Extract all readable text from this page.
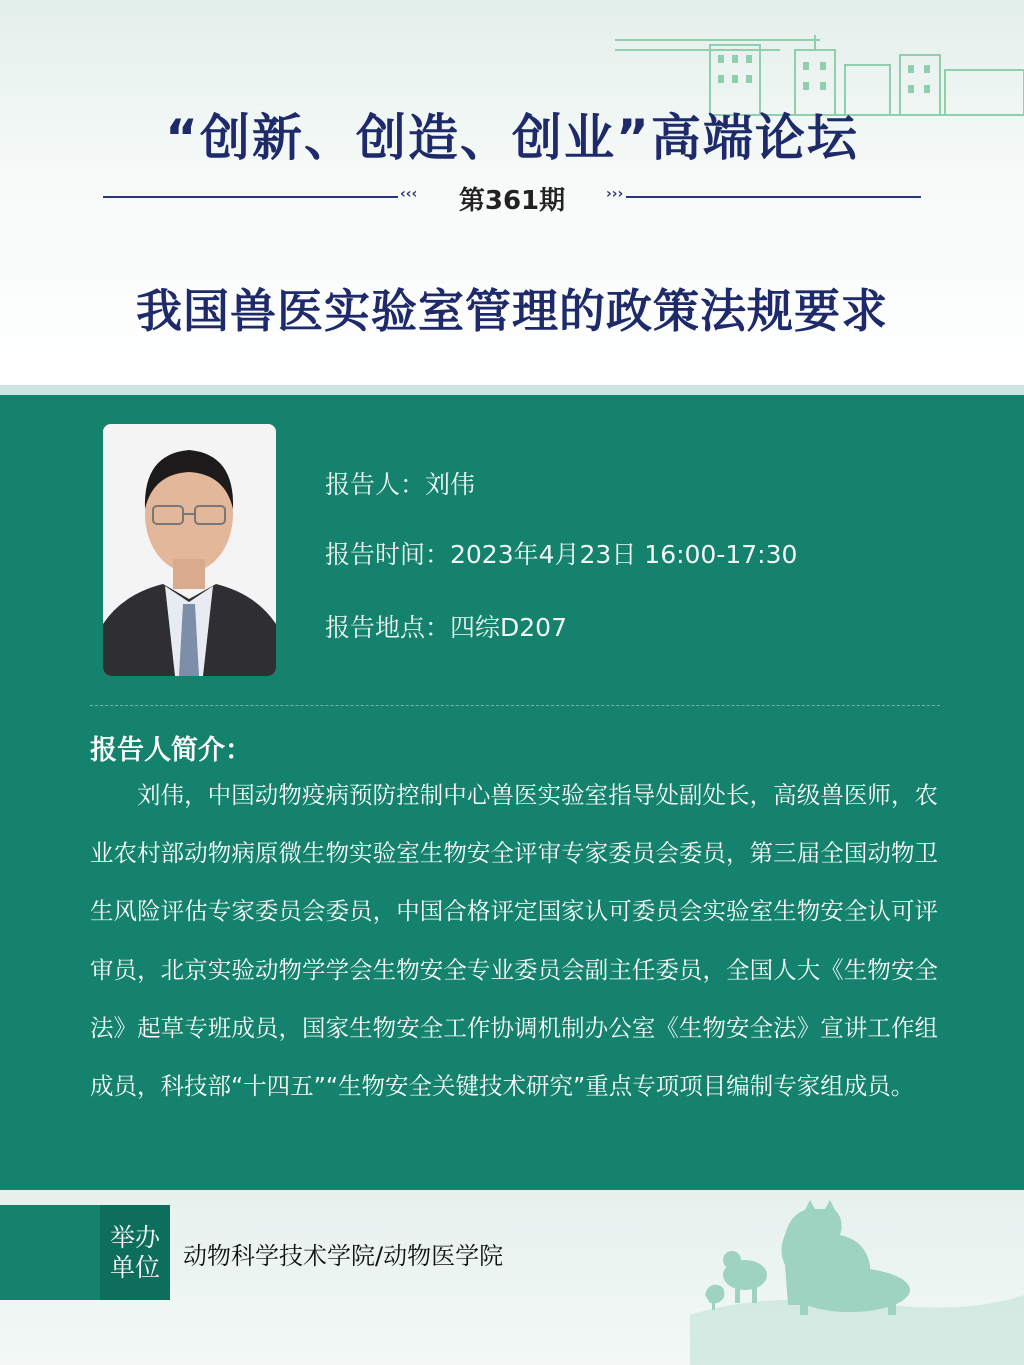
“创新、创造、创业”高端论坛
‹‹‹	第361期	›››
我国兽医实验室管理的政策法规要求
报告人：刘伟
报告时间：2023年4月23日 16:00-17:30
报告地点：四综D207
报告人简介：

刘伟，中国动物疫病预防控制中心兽医实验室指导处副处长，高级兽医师，农业农村部动物病原微生物实验室生物安全评审专家委员会委员，第三届全国动物卫生风险评估专家委员会委员，中国合格评定国家认可委员会实验室生物安全认可评审员，北京实验动物学学会生物安全专业委员会副主任委员，全国人大《生物安全法》起草专班成员，国家生物安全工作协调机制办公室《生物安全法》宣讲工作组成员，科技部“十四五”“生物安全关键技术研究”重点专项项目编制专家组成员。

举办
单位 动物科学技术学院/动物医学院
